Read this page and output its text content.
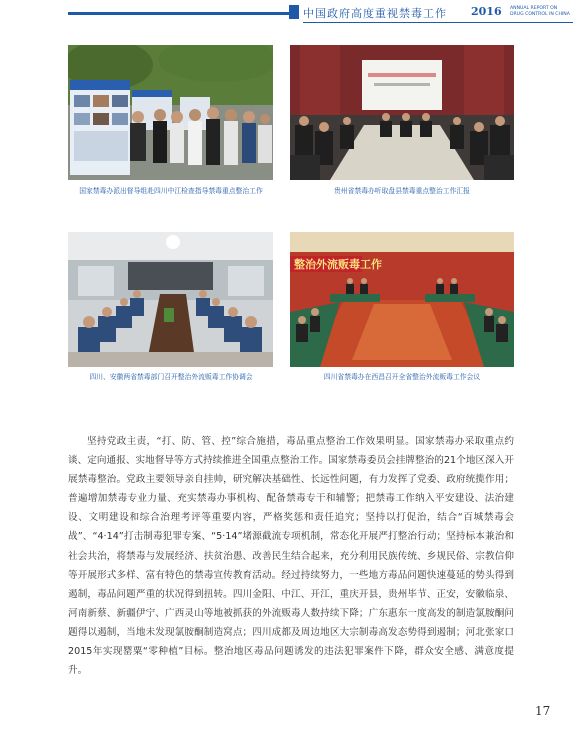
中国政府高度重视禁毒工作 2016 ANNUAL REPORT ON DRUG CONTROL IN CHINA
国家禁毒办派出督导组赴四川中江检查指导禁毒重点整治工作	贵州省禁毒办听取盘县禁毒重点整治工作汇报
四川、安徽两省禁毒部门召开整治外流贩毒工作协调会
整治外流贩毒工作
四川省禁毒办在西昌召开全省整治外流贩毒工作会议
坚持党政主责，“打、防、管、控”综合施措，毒品重点整治工作效果明显。国家禁毒办采取重点约谈、定向通报、实地督导等方式持续推进全国重点整治工作。国家禁毒委员会挂牌整治的21个地区深入开展禁毒整治。党政主要领导亲自挂帅，研究解决基础性、长远性问题，有力发挥了党委、政府统揽作用；普遍增加禁毒专业力量、充实禁毒办事机构、配备禁毒专干和辅警；把禁毒工作纳入平安建设、法治建设、文明建设和综合治理考评等重要内容，严格奖惩和责任追究；坚持以打促治，结合“百城禁毒会战”、“4·14”打击制毒犯罪专案、“5·14”堵源截流专项机制，常态化开展严打整治行动；坚持标本兼治和社会共治，将禁毒与发展经济、扶贫治愚、改善民生结合起来，充分利用民族传统、乡规民俗、宗教信仰等开展形式多样、富有特色的禁毒宣传教育活动。经过持续努力，一些地方毒品问题快速蔓延的势头得到遏制，毒品问题严重的状况得到扭转。四川金阳、中江、开江，重庆开县，贵州毕节、正安，安徽临泉、河南新蔡、新疆伊宁、广西灵山等地被抓获的外流贩毒人数持续下降；广东惠东一度高发的制造氯胺酮问题得以遏制，当地未发现氯胺酮制造窝点；四川成都及周边地区大宗制毒高发态势得到遏制；河北张家口2015年实现罂粟“零种植”目标。整治地区毒品问题诱发的违法犯罪案件下降，群众安全感、满意度提升。
17
